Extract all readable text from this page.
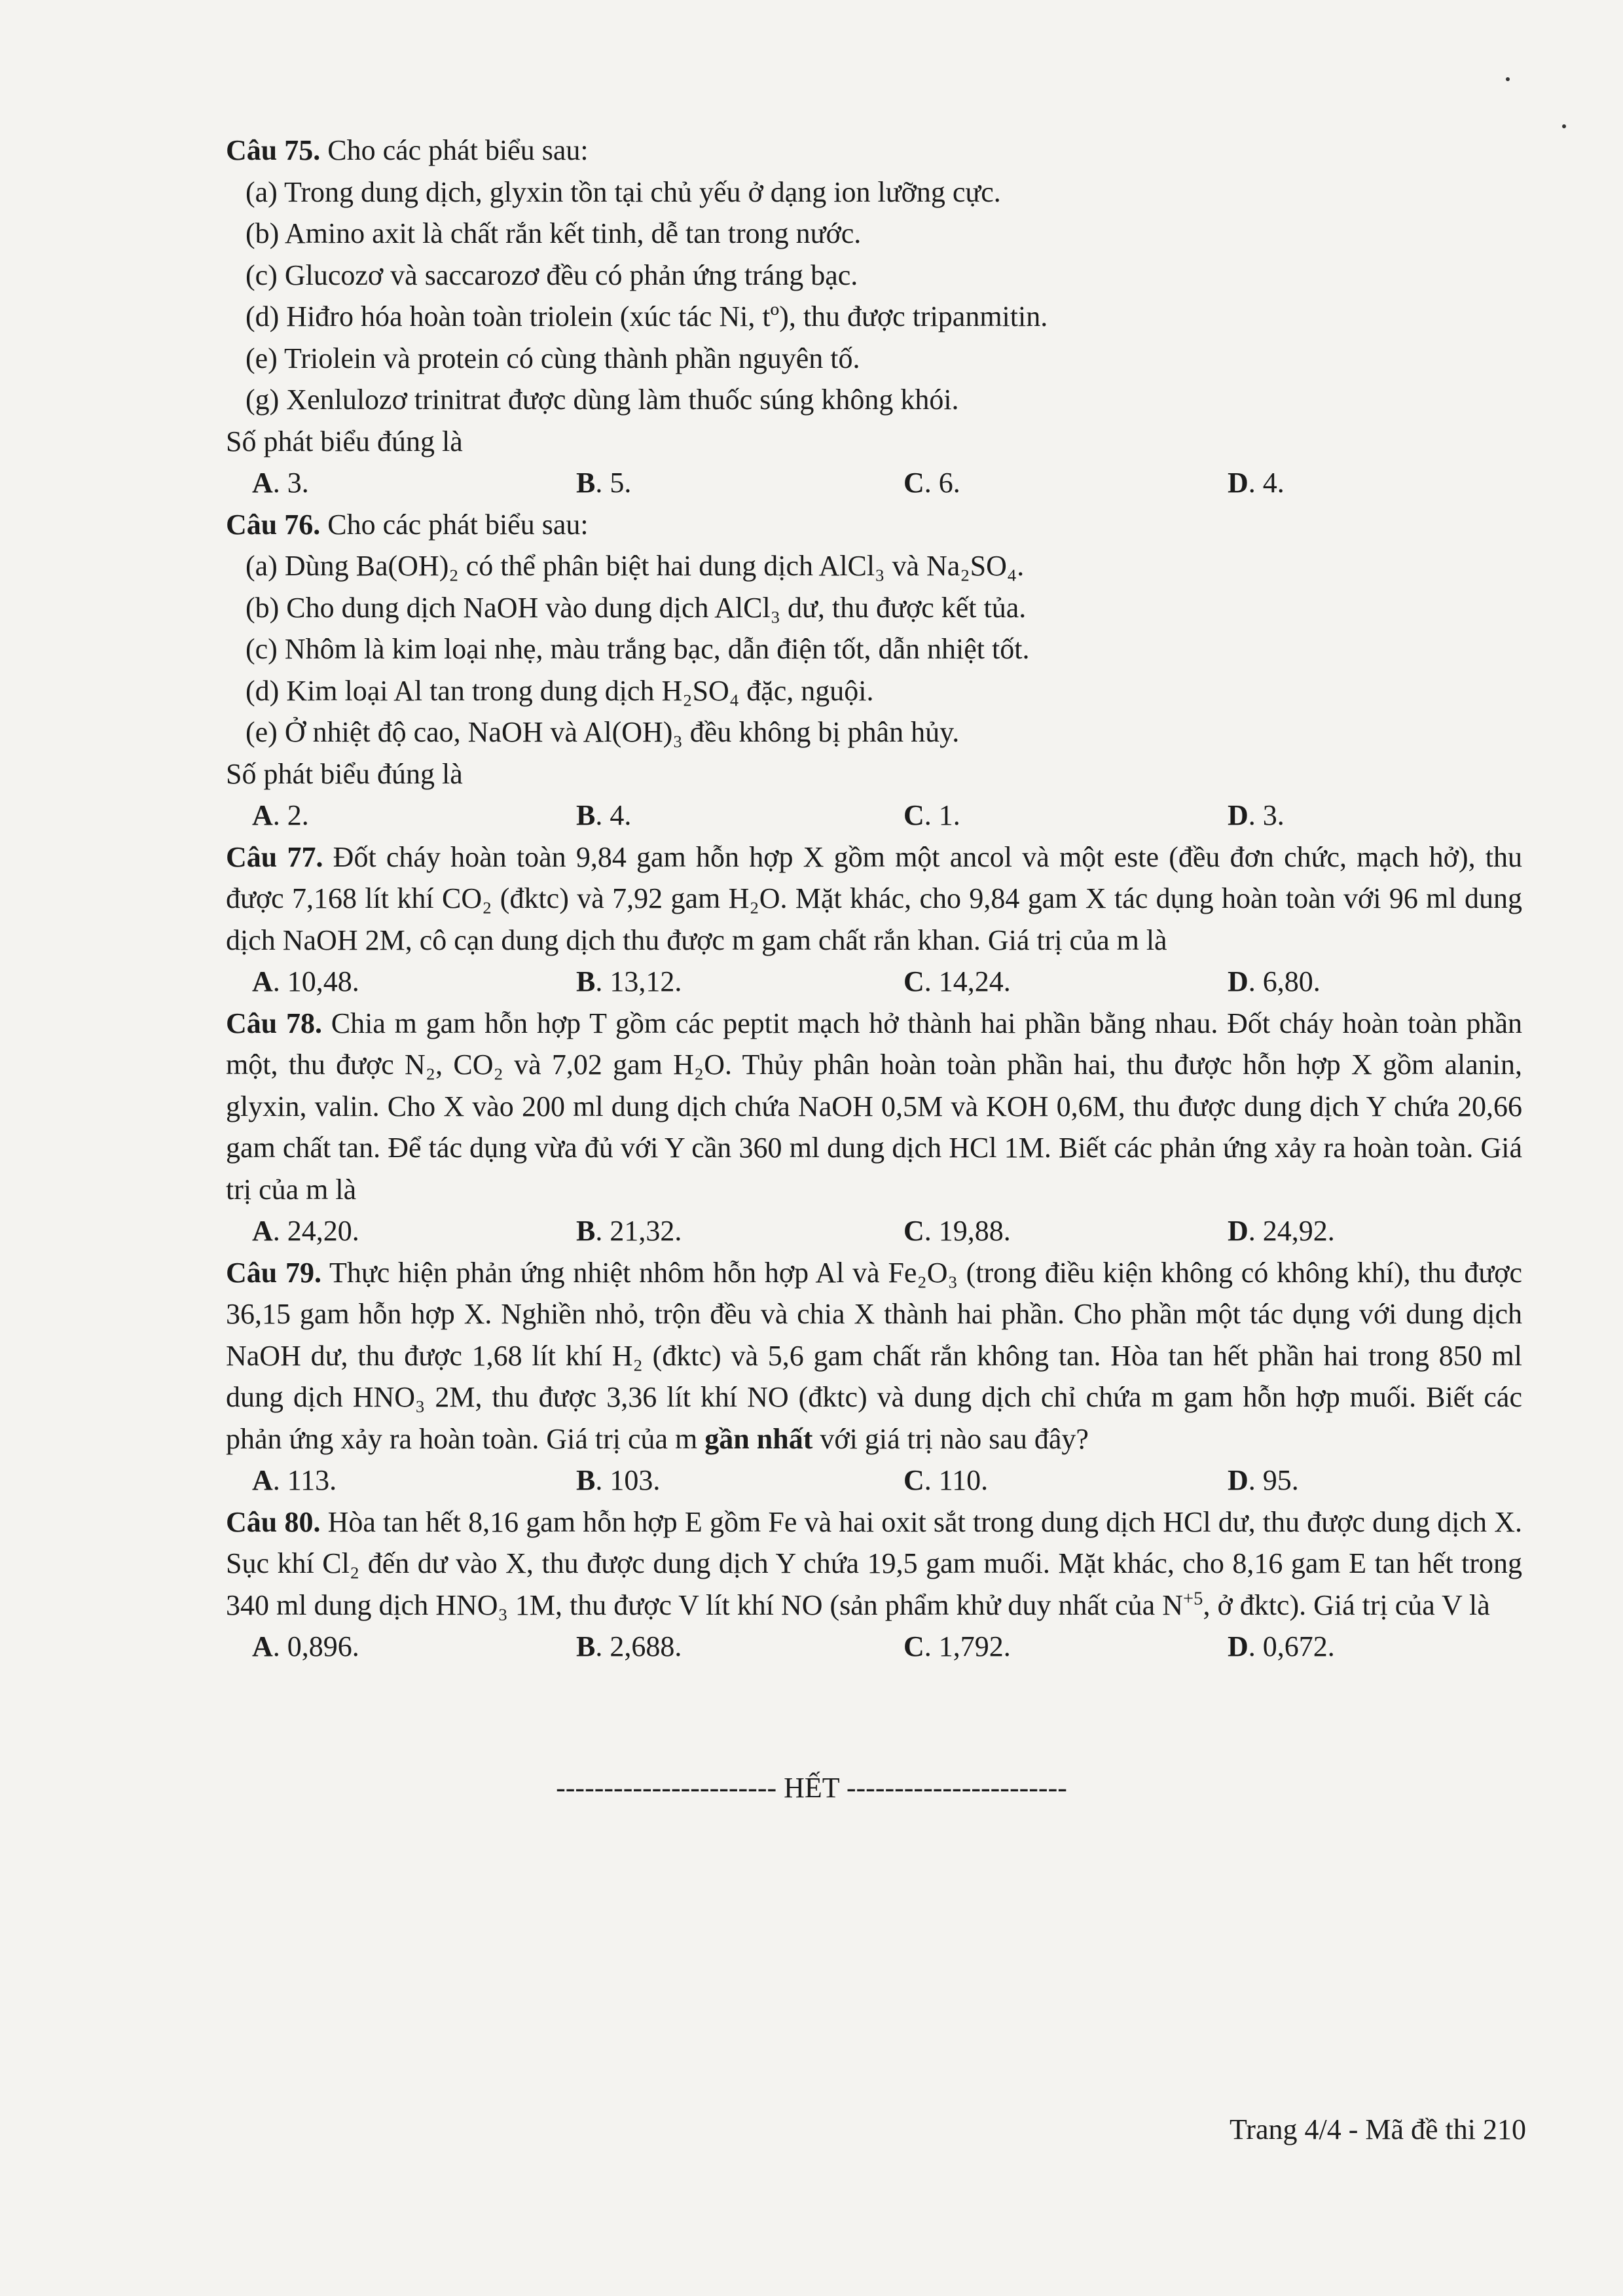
Câu 75. Cho các phát biểu sau:
(a) Trong dung dịch, glyxin tồn tại chủ yếu ở dạng ion lưỡng cực.
(b) Amino axit là chất rắn kết tinh, dễ tan trong nước.
(c) Glucozơ và saccarozơ đều có phản ứng tráng bạc.
(d) Hiđro hóa hoàn toàn triolein (xúc tác Ni, tº), thu được tripanmitin.
(e) Triolein và protein có cùng thành phần nguyên tố.
(g) Xenlulozơ trinitrat được dùng làm thuốc súng không khói.
Số phát biểu đúng là
A. 3.	B. 5.	C. 6.	D. 4.
Câu 76. Cho các phát biểu sau:
(a) Dùng Ba(OH)₂ có thể phân biệt hai dung dịch AlCl₃ và Na₂SO₄.
(b) Cho dung dịch NaOH vào dung dịch AlCl₃ dư, thu được kết tủa.
(c) Nhôm là kim loại nhẹ, màu trắng bạc, dẫn điện tốt, dẫn nhiệt tốt.
(d) Kim loại Al tan trong dung dịch H₂SO₄ đặc, nguội.
(e) Ở nhiệt độ cao, NaOH và Al(OH)₃ đều không bị phân hủy.
Số phát biểu đúng là
A. 2.	B. 4.	C. 1.	D. 3.
Câu 77. Đốt cháy hoàn toàn 9,84 gam hỗn hợp X gồm một ancol và một este (đều đơn chức, mạch hở), thu được 7,168 lít khí CO₂ (đktc) và 7,92 gam H₂O. Mặt khác, cho 9,84 gam X tác dụng hoàn toàn với 96 ml dung dịch NaOH 2M, cô cạn dung dịch thu được m gam chất rắn khan. Giá trị của m là
A. 10,48.	B. 13,12.	C. 14,24.	D. 6,80.
Câu 78. Chia m gam hỗn hợp T gồm các peptit mạch hở thành hai phần bằng nhau. Đốt cháy hoàn toàn phần một, thu được N₂, CO₂ và 7,02 gam H₂O. Thủy phân hoàn toàn phần hai, thu được hỗn hợp X gồm alanin, glyxin, valin. Cho X vào 200 ml dung dịch chứa NaOH 0,5M và KOH 0,6M, thu được dung dịch Y chứa 20,66 gam chất tan. Để tác dụng vừa đủ với Y cần 360 ml dung dịch HCl 1M. Biết các phản ứng xảy ra hoàn toàn. Giá trị của m là
A. 24,20.	B. 21,32.	C. 19,88.	D. 24,92.
Câu 79. Thực hiện phản ứng nhiệt nhôm hỗn hợp Al và Fe₂O₃ (trong điều kiện không có không khí), thu được 36,15 gam hỗn hợp X. Nghiền nhỏ, trộn đều và chia X thành hai phần. Cho phần một tác dụng với dung dịch NaOH dư, thu được 1,68 lít khí H₂ (đktc) và 5,6 gam chất rắn không tan. Hòa tan hết phần hai trong 850 ml dung dịch HNO₃ 2M, thu được 3,36 lít khí NO (đktc) và dung dịch chỉ chứa m gam hỗn hợp muối. Biết các phản ứng xảy ra hoàn toàn. Giá trị của m gần nhất với giá trị nào sau đây?
A. 113.	B. 103.	C. 110.	D. 95.
Câu 80. Hòa tan hết 8,16 gam hỗn hợp E gồm Fe và hai oxit sắt trong dung dịch HCl dư, thu được dung dịch X. Sục khí Cl₂ đến dư vào X, thu được dung dịch Y chứa 19,5 gam muối. Mặt khác, cho 8,16 gam E tan hết trong 340 ml dung dịch HNO₃ 1M, thu được V lít khí NO (sản phẩm khử duy nhất của $N^{+5}$, ở đktc). Giá trị của V là
A. 0,896.	B. 2,688.	C. 1,792.	D. 0,672.
----------------------- HẾT -----------------------
Trang 4/4 - Mã đề thi 210
